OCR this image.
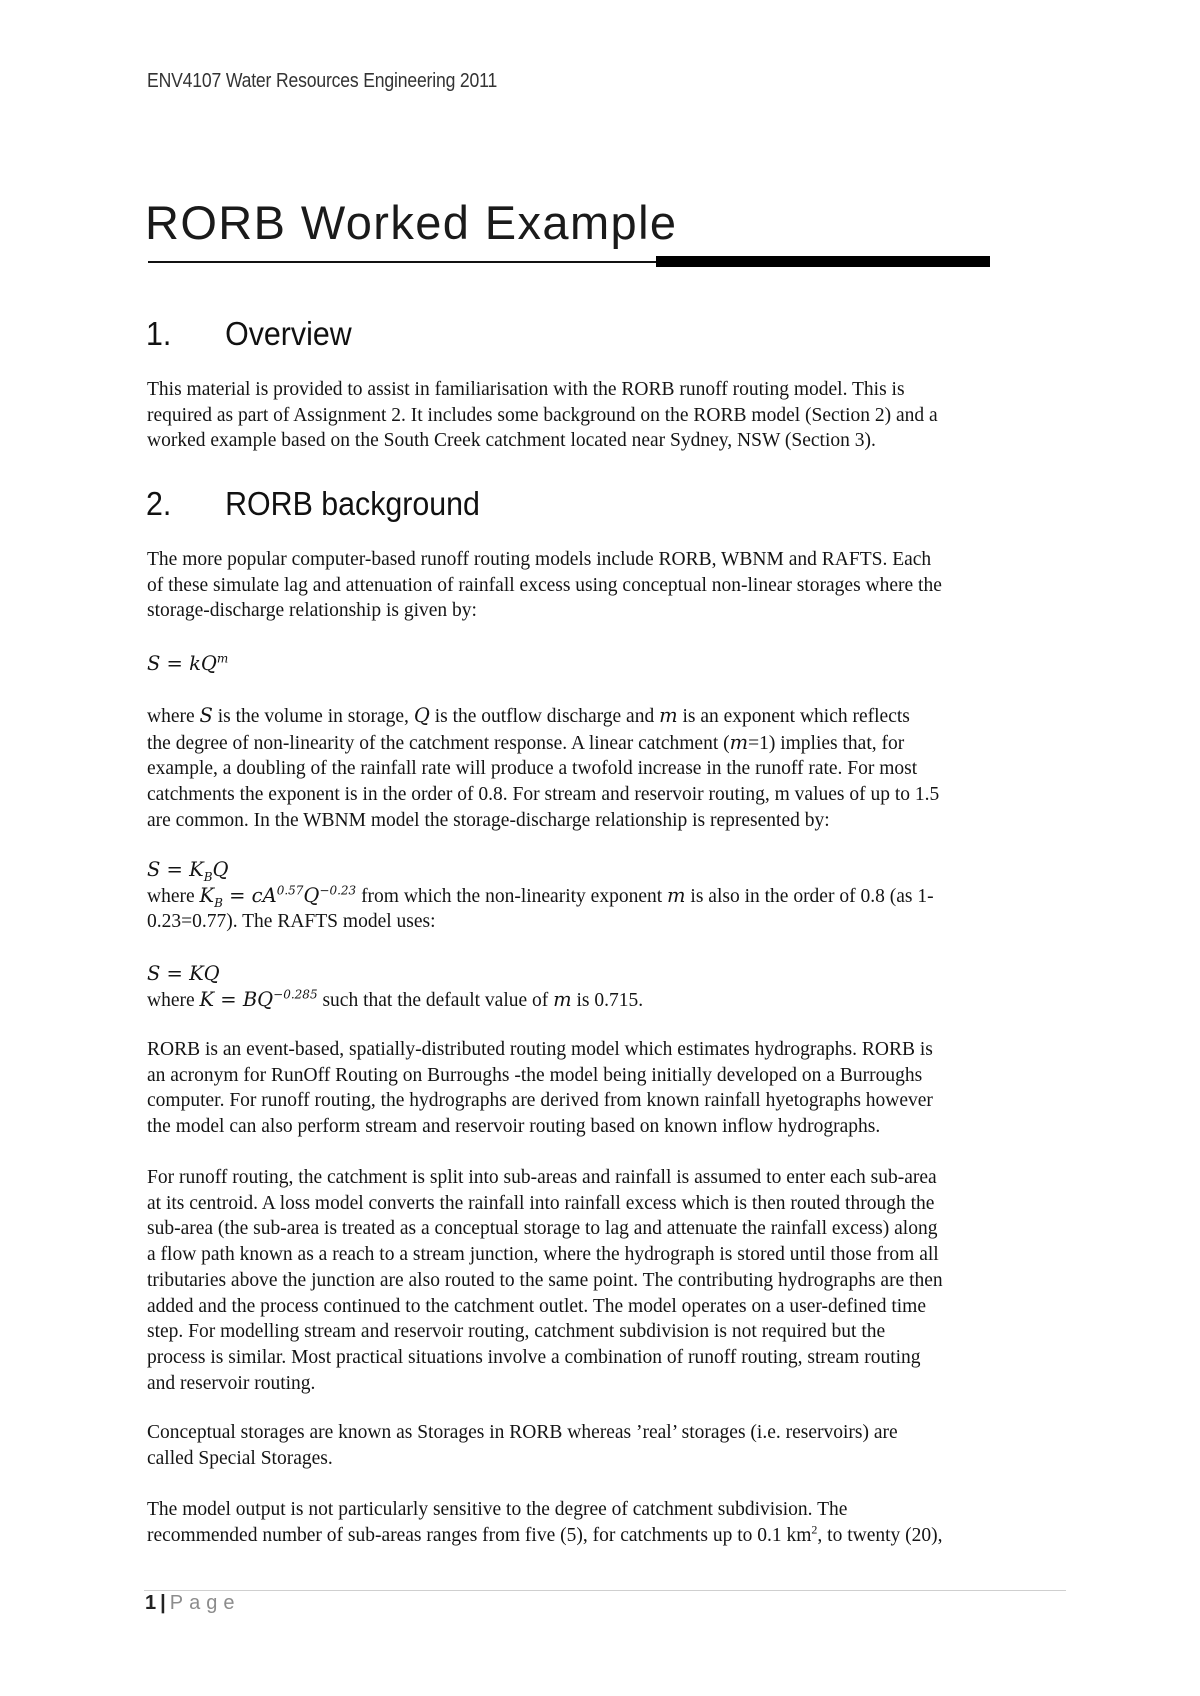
ENV4107 Water Resources Engineering 2011
RORB Worked Example
1. Overview
This material is provided to assist in familiarisation with the RORB runoff routing model. This is
required as part of Assignment 2. It includes some background on the RORB model (Section 2) and a
worked example based on the South Creek catchment located near Sydney, NSW (Section 3).
2. RORB background
The more popular computer-based runoff routing models include RORB, WBNM and RAFTS. Each
of these simulate lag and attenuation of rainfall excess using conceptual non-linear storages where the
storage-discharge relationship is given by:
$S = kQ^m$
where S is the volume in storage, Q is the outflow discharge and m is an exponent which reflects
the degree of non-linearity of the catchment response. A linear catchment (m=1) implies that, for
example, a doubling of the rainfall rate will produce a twofold increase in the runoff rate. For most
catchments the exponent is in the order of 0.8. For stream and reservoir routing, m values of up to 1.5
are common. In the WBNM model the storage-discharge relationship is represented by:
$S = K_BQ$
where $K_B = cA^{0.57}Q^{-0.23}$ from which the non-linearity exponent m is also in the order of 0.8 (as 1-
0.23=0.77). The RAFTS model uses:
S = KQ
where $K = BQ^{-0.285}$ such that the default value of m is 0.715.
RORB is an event-based, spatially-distributed routing model which estimates hydrographs. RORB is
an acronym for RunOff Routing on Burroughs -the model being initially developed on a Burroughs
computer. For runoff routing, the hydrographs are derived from known rainfall hyetographs however
the model can also perform stream and reservoir routing based on known inflow hydrographs.
For runoff routing, the catchment is split into sub-areas and rainfall is assumed to enter each sub-area
at its centroid. A loss model converts the rainfall into rainfall excess which is then routed through the
sub-area (the sub-area is treated as a conceptual storage to lag and attenuate the rainfall excess) along
a flow path known as a reach to a stream junction, where the hydrograph is stored until those from all
tributaries above the junction are also routed to the same point. The contributing hydrographs are then
added and the process continued to the catchment outlet. The model operates on a user-defined time
step. For modelling stream and reservoir routing, catchment subdivision is not required but the
process is similar. Most practical situations involve a combination of runoff routing, stream routing
and reservoir routing.
Conceptual storages are known as Storages in RORB whereas ’real’ storages (i.e. reservoirs) are
called Special Storages.
The model output is not particularly sensitive to the degree of catchment subdivision. The
recommended number of sub-areas ranges from five (5), for catchments up to 0.1 $km^2$, to twenty (20),
1 | Page
